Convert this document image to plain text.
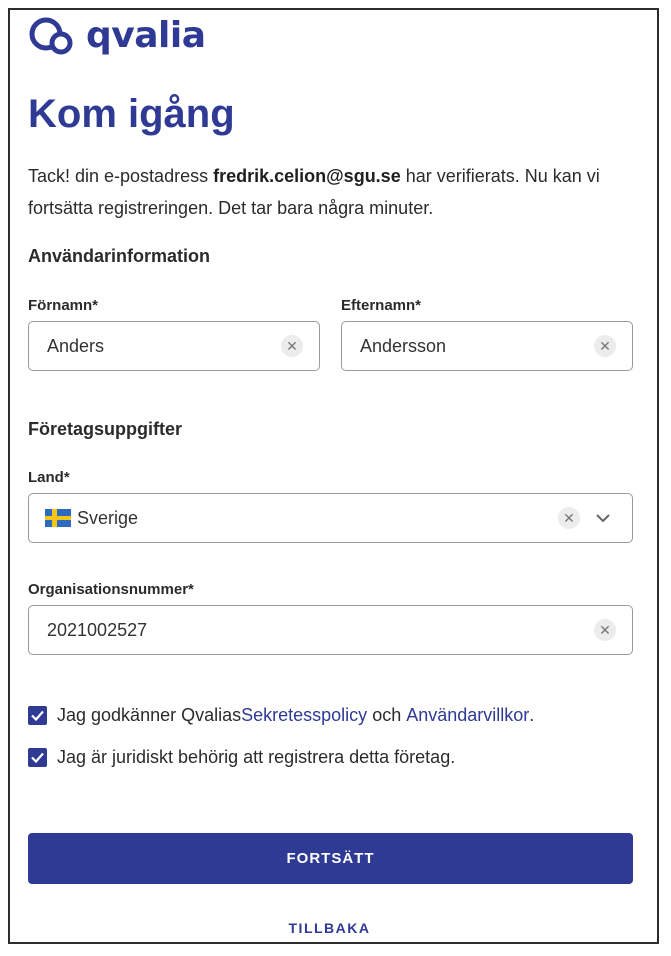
qvalia
Kom igång

Tack! din e-postadress fredrik.celion@sgu.se har verifierats. Nu kan vi fortsätta registreringen. Det tar bara några minuter.

Användarinformation
Förnamn*
Anders	✕
Efternamn*
Andersson	✕
Företagsuppgifter
Land*
Sverige	✕
Organisationsnummer*
2021002527	✕
Jag godkänner Qvalias Sekretesspolicy och Användarvillkor .
Jag är juridiskt behörig att registrera detta företag.
FORTSÄTT
TILLBAKA
